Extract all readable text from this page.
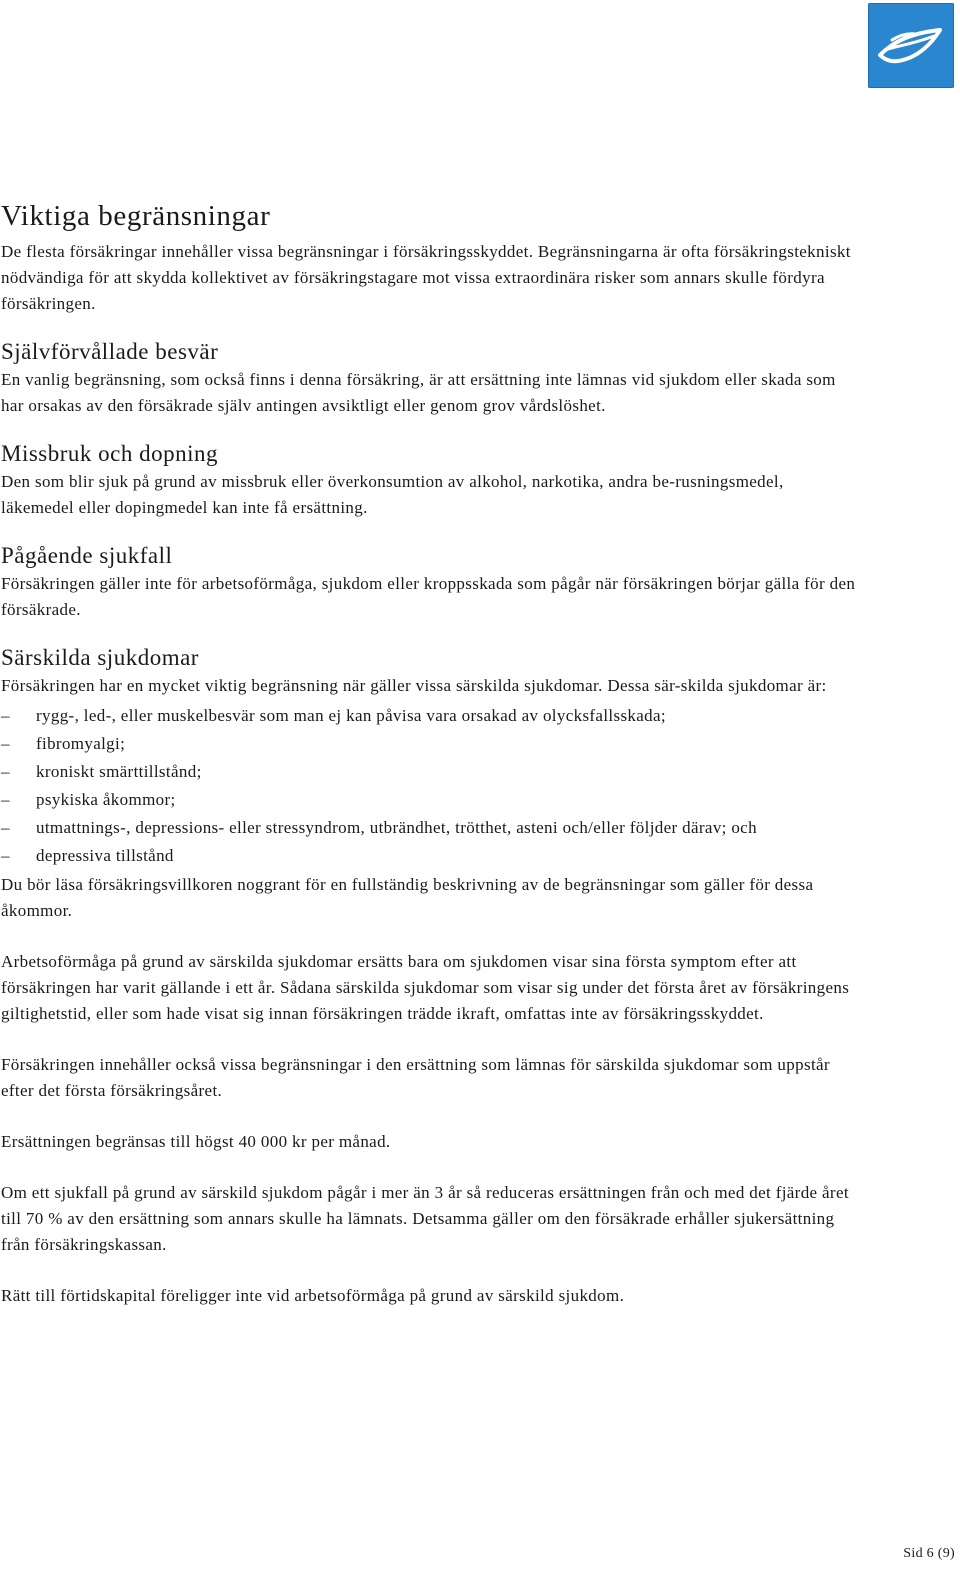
Viktiga begränsningar

De flesta försäkringar innehåller vissa begränsningar i försäkringsskyddet. Begränsningarna är ofta försäkringstekniskt nödvändiga för att skydda kollektivet av försäkringstagare mot vissa extraordinära risker som annars skulle fördyra försäkringen.

Självförvållade besvär

En vanlig begränsning, som också finns i denna försäkring, är att ersättning inte lämnas vid sjukdom eller skada som har orsakas av den försäkrade själv antingen avsiktligt eller genom grov vårdslöshet.

Missbruk och dopning

Den som blir sjuk på grund av missbruk eller överkonsumtion av alkohol, narkotika, andra be-rusningsmedel, läkemedel eller dopingmedel kan inte få ersättning.

Pågående sjukfall

Försäkringen gäller inte för arbetsoförmåga, sjukdom eller kroppsskada som pågår när försäkringen börjar gälla för den försäkrade.

Särskilda sjukdomar

Försäkringen har en mycket viktig begränsning när gäller vissa särskilda sjukdomar. Dessa sär-skilda sjukdomar är:

–	rygg-, led-, eller muskelbesvär som man ej kan påvisa vara orsakad av olycksfallsskada;
–	fibromyalgi;
–	kroniskt smärttillstånd;
–	psykiska åkommor;
–	utmattnings-, depressions- eller stressyndrom, utbrändhet, trötthet, asteni och/eller följder därav; och
–	depressiva tillstånd

Du bör läsa försäkringsvillkoren noggrant för en fullständig beskrivning av de begränsningar som gäller för dessa åkommor.

Arbetsoförmåga på grund av särskilda sjukdomar ersätts bara om sjukdomen visar sina första symptom efter att försäkringen har varit gällande i ett år. Sådana särskilda sjukdomar som visar sig under det första året av försäkringens giltighetstid, eller som hade visat sig innan försäkringen trädde ikraft, omfattas inte av försäkringsskyddet.

Försäkringen innehåller också vissa begränsningar i den ersättning som lämnas för särskilda sjukdomar som uppstår efter det första försäkringsåret.

Ersättningen begränsas till högst 40 000 kr per månad.

Om ett sjukfall på grund av särskild sjukdom pågår i mer än 3 år så reduceras ersättningen från och med det fjärde året till 70 % av den ersättning som annars skulle ha lämnats. Detsamma gäller om den försäkrade erhåller sjukersättning från försäkringskassan.

Rätt till förtidskapital föreligger inte vid arbetsoförmåga på grund av särskild sjukdom.

Sid 6 (9)
